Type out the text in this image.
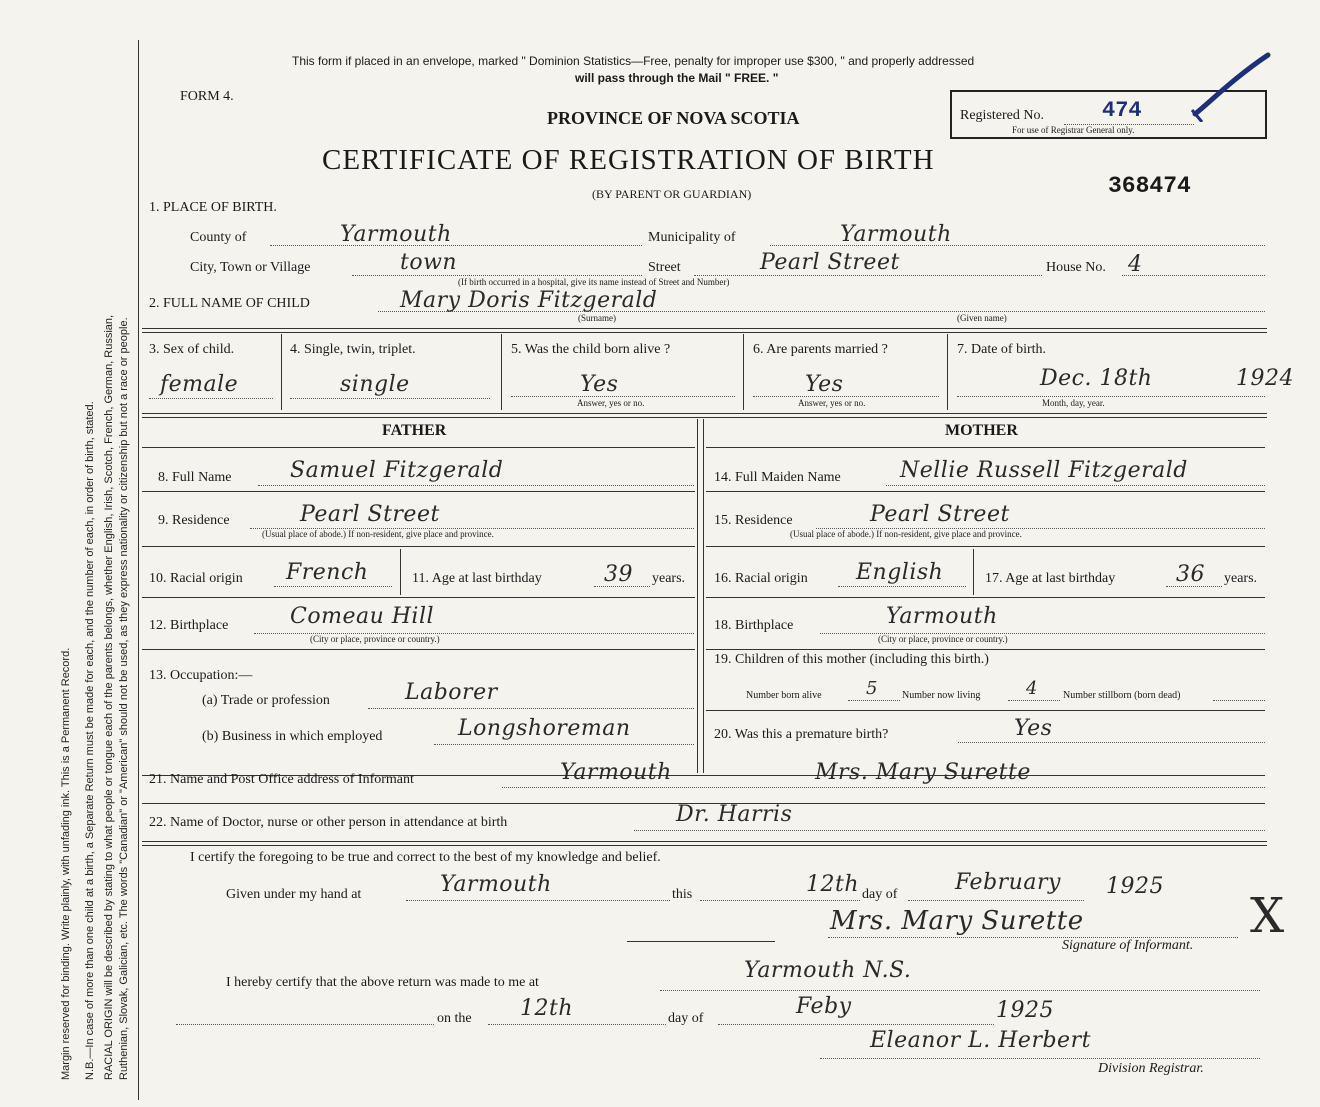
Margin reserved for binding. Write plainly, with unfading ink. This is a Permanent Record. N.B.—In case of more than one child at a birth, a Separate Return must be made for each, and the number of each, in order of birth, stated. RACIAL ORIGIN will be described by stating to what people or tongue each of the parents belongs, whether English, Irish, Scotch, French, German, Russian, Ruthenian, Slovak, Galician, etc. The words "Canadian" or "American" should not be used, as they express nationality or citizenship but not a race or people.
This form if placed in an envelope, marked " Dominion Statistics—Free, penalty for improper use $300, " and properly addressed
will pass through the Mail " FREE. "
FORM 4.
PROVINCE OF NOVA SCOTIA	Registered No.	474
For use of Registrar General only.
CERTIFICATE OF REGISTRATION OF BIRTH
(BY PARENT OR GUARDIAN)	368474
1. PLACE OF BIRTH.
County of	Yarmouth	Municipality of	Yarmouth
City, Town or Village	town	Street	Pearl Street	House No. 4
(If birth occurred in a hospital, give its name instead of Street and Number)
2. FULL NAME OF CHILD	Mary Doris Fitzgerald
(Surname)	(Given name)
3. Sex of child.
female
4. Single, twin, triplet.
single
5. Was the child born alive ?
Yes
Answer, yes or no.
6. Are parents married ?
Yes
Answer, yes or no.
7. Date of birth.
Dec. 18th	1924
Month, day, year.
FATHER	MOTHER
8. Full Name	Samuel Fitzgerald	14. Full Maiden Name	Nellie Russell Fitzgerald
9. Residence	Pearl Street
(Usual place of abode.) If non-resident, give place and province.
15. Residence	Pearl Street
(Usual place of abode.) If non-resident, give place and province.
10. Racial origin French	11. Age at last birthday	39 years. 16. Racial origin English	17. Age at last birthday	36 years.
12. Birthplace	Comeau Hill
(City or place, province or country.)
18. Birthplace	Yarmouth
(City or place, province or country.)
13. Occupation:—
(a) Trade or profession	Laborer
(b) Business in which employed	Longshoreman
19. Children of this mother (including this birth.)
Number born alive 5 Number now living	4	Number stillborn (born dead)
20. Was this a premature birth?	Yes
21. Name and Post Office address of Informant	Yarmouth	Mrs. Mary Surette
22. Name of Doctor, nurse or other person in attendance at birth	Dr. Harris
I certify the foregoing to be true and correct to the best of my knowledge and belief.
Given under my hand at	Yarmouth	this	12th day of	February 1925
Mrs. Mary Surette	X
Signature of Informant.
I hereby certify that the above return was made to me at	Yarmouth N.S.
on the 12th	day of	Feby	1925
Eleanor L. Herbert
Division Registrar.
